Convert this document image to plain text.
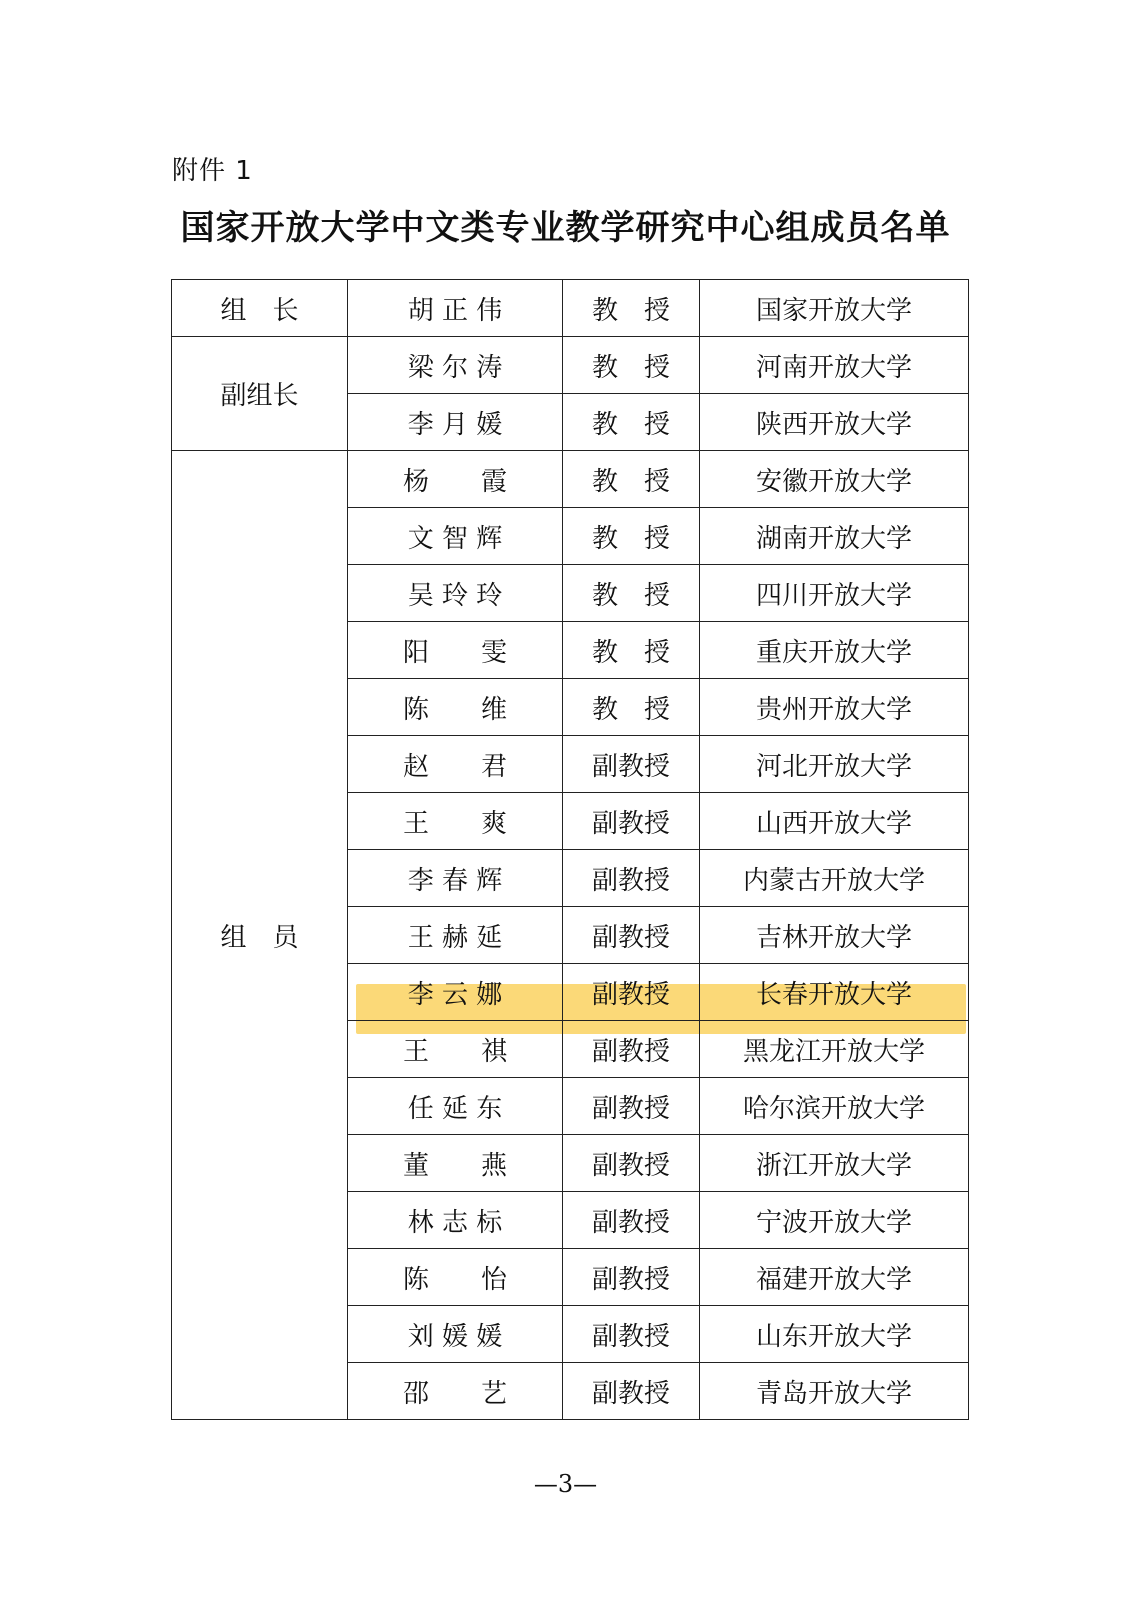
附件 1
国家开放大学中文类专业教学研究中心组成员名单
组　长	胡 正 伟	教　授	国家开放大学
副组长	梁 尔 涛	教　授	河南开放大学
	李 月 媛	教　授	陕西开放大学
组　员	杨　　霞	教　授	安徽开放大学
	文 智 辉	教　授	湖南开放大学
	吴 玲 玲	教　授	四川开放大学
	阳　　雯	教　授	重庆开放大学
	陈　　维	教　授	贵州开放大学
	赵　　君	副教授	河北开放大学
	王　　爽	副教授	山西开放大学
	李 春 辉	副教授	内蒙古开放大学
	王 赫 延	副教授	吉林开放大学
	李 云 娜	副教授	长春开放大学
	王　　祺	副教授	黑龙江开放大学
	任 延 东	副教授	哈尔滨开放大学
	董　　燕	副教授	浙江开放大学
	林 志 标	副教授	宁波开放大学
	陈　　怡	副教授	福建开放大学
	刘 媛 媛	副教授	山东开放大学
	邵　　艺	副教授	青岛开放大学
—3—
